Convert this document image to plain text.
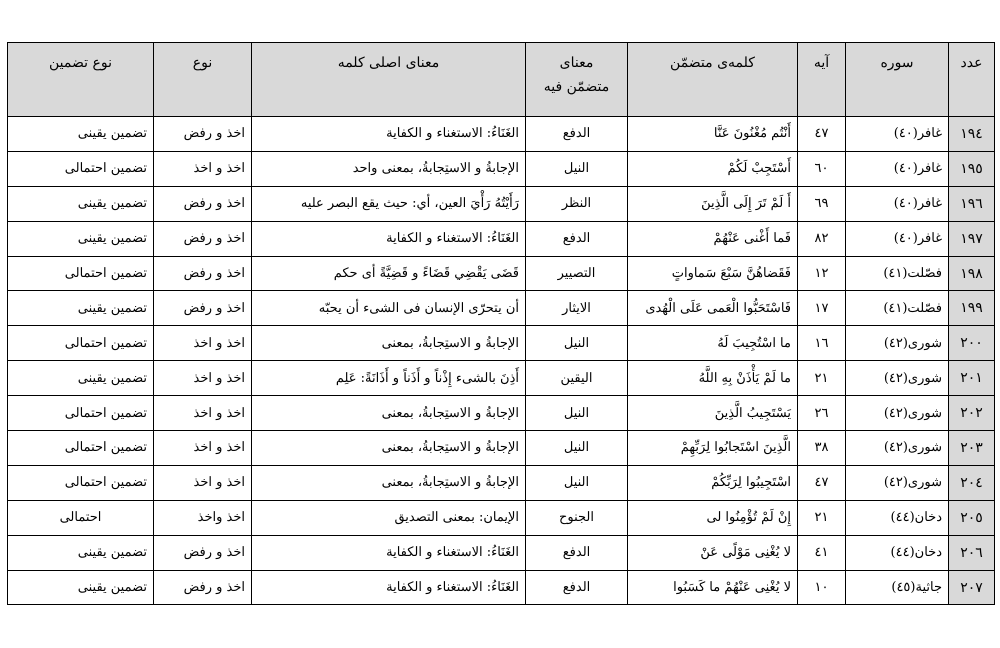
عدد	سوره	آیه	کلمه‌ی متضمّن	معنای
متضمّن فیه	معنای اصلی کلمه	نوع	نوع تضمین
١٩٤	غافر(٤٠)	٤٧	أَنْتُم مُغْنُونَ عَنَّا	الدفع	الغَنَاءُ: الاستغناء و الکفایة	اخذ و رفض	تضمین یقینی
١٩٥	غافر(٤٠)	٦٠	أَسْتَجِبْ لَکُمْ	النیل	الإجابةُ و الاستِجابةُ، بمعنی واحد	اخذ و اخذ	تضمین احتمالی
١٩٦	غافر(٤٠)	٦٩	أَ لَمْ تَرَ إِلَی الَّذِینَ	النظر	رَأَيْتُهُ رَأْيَ العين، أي: حيث يقع البصر عليه	اخذ و رفض	تضمین یقینی
١٩٧	غافر(٤٠)	٨٢	فَما أَغْنی عَنْهُمْ	الدفع	الغَنَاءُ: الاستغناء و الکفایة	اخذ و رفض	تضمین یقینی
١٩٨	فصّلت(٤١)	١٢	فَقَضاهُنَّ سَبْعَ سَماواتٍ	التصییر	قَضَى يَقْضِي قَضَاءً و قَضِيَّةً أی حکم	اخذ و رفض	تضمین احتمالی
١٩٩	فصّلت(٤١)	١٧	فَاسْتَحَبُّوا الْعَمی عَلَی الْهُدی	الایثار	أن یتحرّی الإنسان فی الشیء أن یحبّه	اخذ و رفض	تضمین یقینی
٢٠٠	شوری(٤٢)	١٦	ما اسْتُجِیبَ لَهُ	النیل	الإجابةُ و الاستِجابةُ، بمعنی	اخذ و اخذ	تضمین احتمالی
٢٠١	شوری(٤٢)	٢١	ما لَمْ یَأْذَنْ بِهِ اللَّهُ	الیقین	أَذِنَ بالشیء إِذْناً و أَذَناً و أَذَانَةً: عَلِم	اخذ و اخذ	تضمین یقینی
٢٠٢	شوری(٤٢)	٢٦	یَسْتَجِیبُ الَّذِینَ	النیل	الإجابةُ و الاستِجابةُ، بمعنی	اخذ و اخذ	تضمین احتمالی
٢٠٣	شوری(٤٢)	٣٨	الَّذِینَ اسْتَجابُوا لِرَبِّهِمْ	النیل	الإجابةُ و الاستِجابةُ، بمعنی	اخذ و اخذ	تضمین احتمالی
٢٠٤	شوری(٤٢)	٤٧	اسْتَجِیبُوا لِرَبِّکُمْ	النیل	الإجابةُ و الاستِجابةُ، بمعنی	اخذ و اخذ	تضمین احتمالی
٢٠٥	دخان(٤٤)	٢١	إِنْ لَمْ تُؤْمِنُوا لی	الجنوح	الإیمان: بمعنی التصدیق	اخذ واخذ	احتمالی
٢٠٦	دخان(٤٤)	٤١	لا یُغْنِی مَوْلًی عَنْ	الدفع	الغَنَاءُ: الاستغناء و الکفایة	اخذ و رفض	تضمین یقینی
٢٠٧	جاثیة(٤٥)	١٠	لا یُغْنِی عَنْهُمْ ما کَسَبُوا	الدفع	الغَنَاءُ: الاستغناء و الکفایة	اخذ و رفض	تضمین یقینی
